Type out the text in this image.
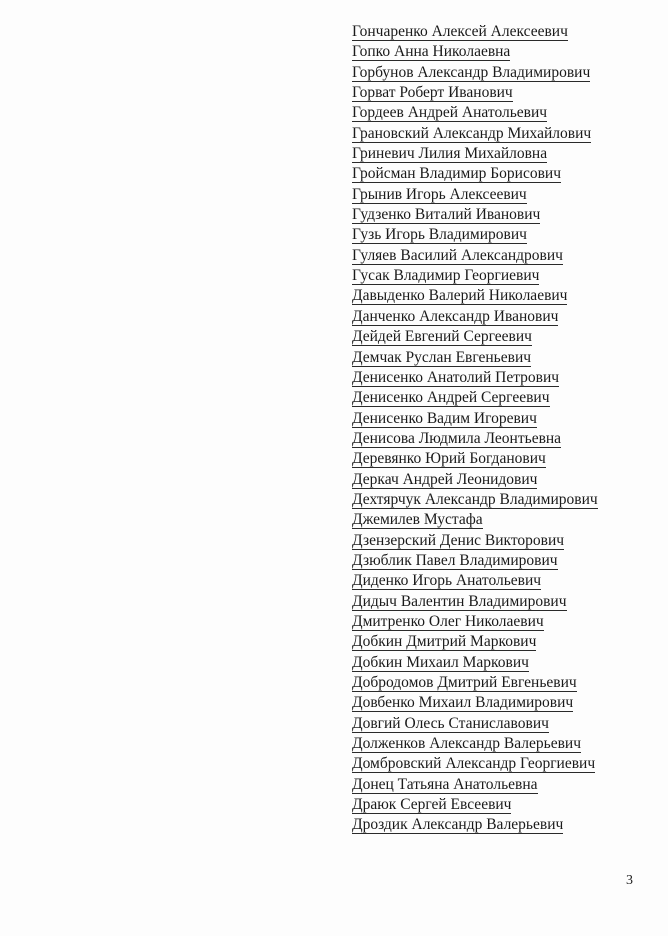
Гончаренко Алексей Алексеевич
Гопко Анна Николаевна
Горбунов Александр Владимирович
Горват Роберт Иванович
Гордеев Андрей Анатольевич
Грановский Александр Михайлович
Гриневич Лилия Михайловна
Гройсман Владимир Борисович
Грынив Игорь Алексеевич
Гудзенко Виталий Иванович
Гузь Игорь Владимирович
Гуляев Василий Александрович
Гусак Владимир Георгиевич
Давыденко Валерий Николаевич
Данченко Александр Иванович
Дейдей Евгений Сергеевич
Демчак Руслан Евгеньевич
Денисенко Анатолий Петрович
Денисенко Андрей Сергеевич
Денисенко Вадим Игоревич
Денисова Людмила Леонтьевна
Деревянко Юрий Богданович
Деркач Андрей Леонидович
Дехтярчук Александр Владимирович
Джемилев Мустафа
Дзензерский Денис Викторович
Дзюблик Павел Владимирович
Диденко Игорь Анатольевич
Дидыч Валентин Владимирович
Дмитренко Олег Николаевич
Добкин Дмитрий Маркович
Добкин Михаил Маркович
Добродомов Дмитрий Евгеньевич
Довбенко Михаил Владимирович
Довгий Олесь Станиславович
Долженков Александр Валерьевич
Домбровский Александр Георгиевич
Донец Татьяна Анатольевна
Драюк Сергей Евсеевич
Дроздик Александр Валерьевич
3
